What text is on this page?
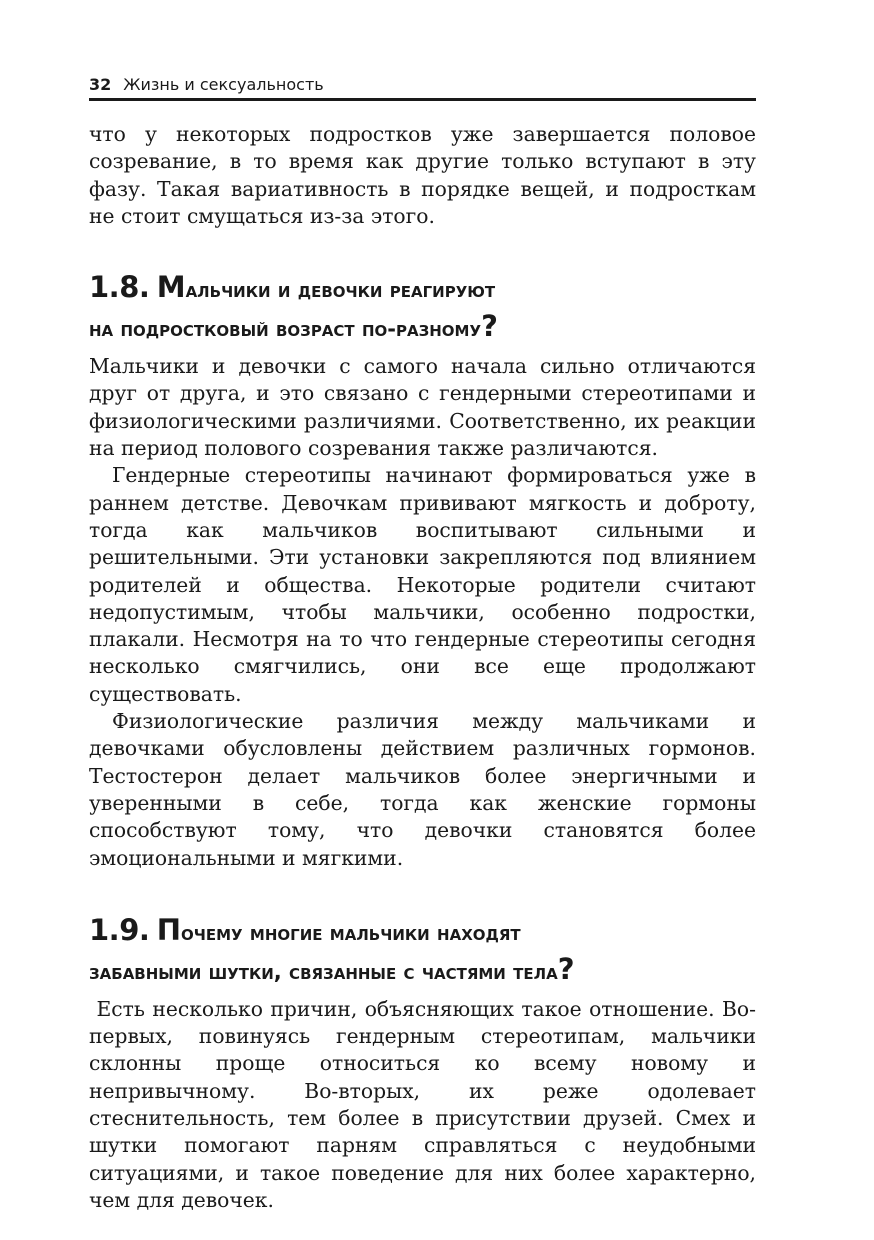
32 Жизнь и сексуальность

что у некоторых подростков уже завершается половое созревание, в то время как другие только вступают в эту фазу. Такая вариативность в порядке вещей, и подросткам не стоит смущаться из-за этого.

1.8. Мальчики и девочки реагируют
на подростковый возраст по-разному?

Мальчики и девочки с самого начала сильно отличаются друг от друга, и это связано с гендерными стереотипами и физиологическими различиями. Соответственно, их реакции на период полового созревания также различаются.

Гендерные стереотипы начинают формироваться уже в раннем детстве. Девочкам прививают мягкость и доброту, тогда как мальчиков воспитывают сильными и решительными. Эти установки закрепляются под влиянием родителей и общества. Некоторые родители считают недопустимым, чтобы мальчики, особенно подростки, плакали. Несмотря на то что гендерные стереотипы сегодня несколько смягчились, они все еще продолжают существовать.

Физиологические различия между мальчиками и девочками обусловлены действием различных гормонов. Тестостерон делает мальчиков более энергичными и уверенными в себе, тогда как женские гормоны способствуют тому, что девочки становятся более эмоциональными и мягкими.

1.9. Почему многие мальчики находят
забавными шутки, связанные с частями тела?

Есть несколько причин, объясняющих такое отношение. Во-первых, повинуясь гендерным стереотипам, мальчики склонны проще относиться ко всему новому и непривычному. Во-вторых, их реже одолевает стеснительность, тем более в присутствии друзей. Смех и шутки помогают парням справляться с неудобными ситуациями, и такое поведение для них более характерно, чем для девочек.
